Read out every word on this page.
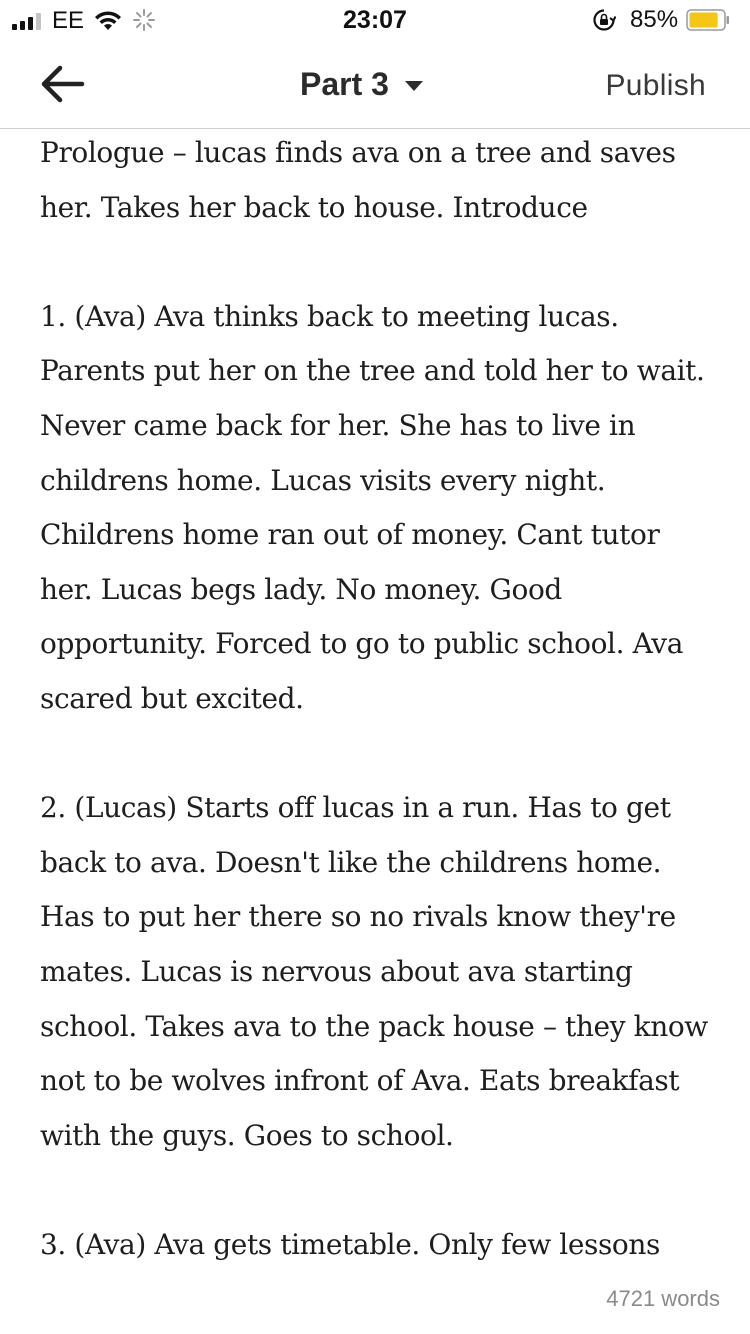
EE	23:07	85%
Part 3	Publish

Prologue – lucas finds ava on a tree and saves her. Takes her back to house. Introduce

1. (Ava) Ava thinks back to meeting lucas. Parents put her on the tree and told her to wait. Never came back for her. She has to live in childrens home. Lucas visits every night. Childrens home ran out of money. Cant tutor her. Lucas begs lady. No money. Good opportunity. Forced to go to public school. Ava scared but excited.

2. (Lucas) Starts off lucas in a run. Has to get back to ava. Doesn't like the childrens home. Has to put her there so no rivals know they're mates. Lucas is nervous about ava starting school. Takes ava to the pack house – they know not to be wolves infront of Ava. Eats breakfast with the guys. Goes to school.

3. (Ava) Ava gets timetable. Only few lessons

4721 words
